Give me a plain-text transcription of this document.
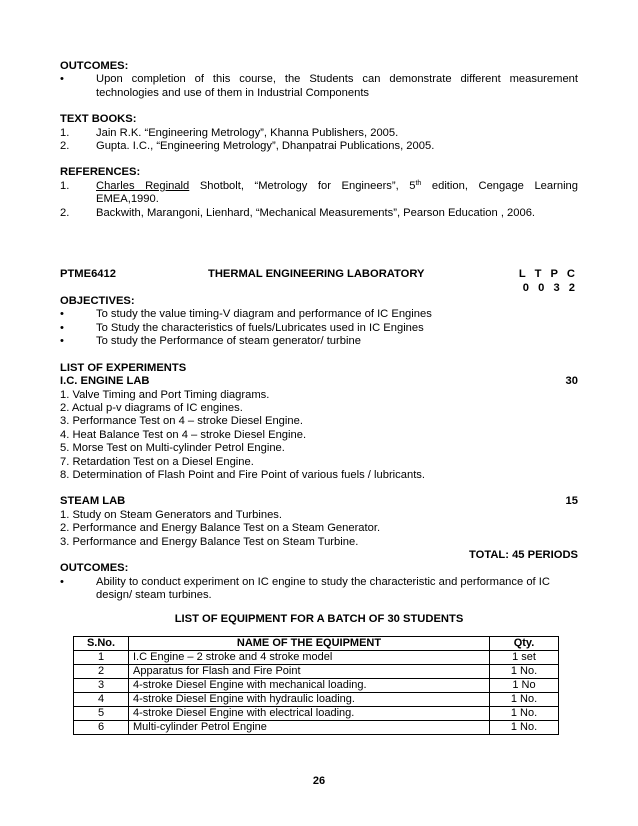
OUTCOMES:
•	Upon completion of this course, the Students can demonstrate different measurement
technologies and use of them in Industrial Components
TEXT BOOKS:
1.	Jain R.K. “Engineering Metrology”, Khanna Publishers, 2005.
2.	Gupta. I.C., “Engineering Metrology”, Dhanpatrai Publications, 2005.
REFERENCES:
1.	Charles Reginald Shotbolt, “Metrology for Engineers”, 5th edition, Cengage Learning
EMEA,1990.
2.	Backwith, Marangoni, Lienhard, “Mechanical Measurements”, Pearson Education , 2006.
PTME6412	THERMAL ENGINEERING LABORATORY	L T P C
0 0 3 2
OBJECTIVES:
•	To study the value timing-V diagram and performance of IC Engines
•	To Study the characteristics of fuels/Lubricates used in IC Engines
•	To study the Performance of steam generator/ turbine
LIST OF EXPERIMENTS
I.C. ENGINE LAB	30
1. Valve Timing and Port Timing diagrams.
2. Actual p-v diagrams of IC engines.
3. Performance Test on 4 – stroke Diesel Engine.
4. Heat Balance Test on 4 – stroke Diesel Engine.
5. Morse Test on Multi-cylinder Petrol Engine.
7. Retardation Test on a Diesel Engine.
8. Determination of Flash Point and Fire Point of various fuels / lubricants.
STEAM LAB	15
1. Study on Steam Generators and Turbines.
2. Performance and Energy Balance Test on a Steam Generator.
3. Performance and Energy Balance Test on Steam Turbine.
TOTAL: 45 PERIODS

OUTCOMES:
•	Ability to conduct experiment on IC engine to study the characteristic and performance of IC
design/ steam turbines.
LIST OF EQUIPMENT FOR A BATCH OF 30 STUDENTS
S.No.	NAME OF THE EQUIPMENT	Qty.
1	I.C Engine – 2 stroke and 4 stroke model	1 set
2	Apparatus for Flash and Fire Point	1 No.
3	4-stroke Diesel Engine with mechanical loading.	1 No
4	4-stroke Diesel Engine with hydraulic loading.	1 No.
5	4-stroke Diesel Engine with electrical loading.	1 No.
6	Multi-cylinder Petrol Engine	1 No.
26
